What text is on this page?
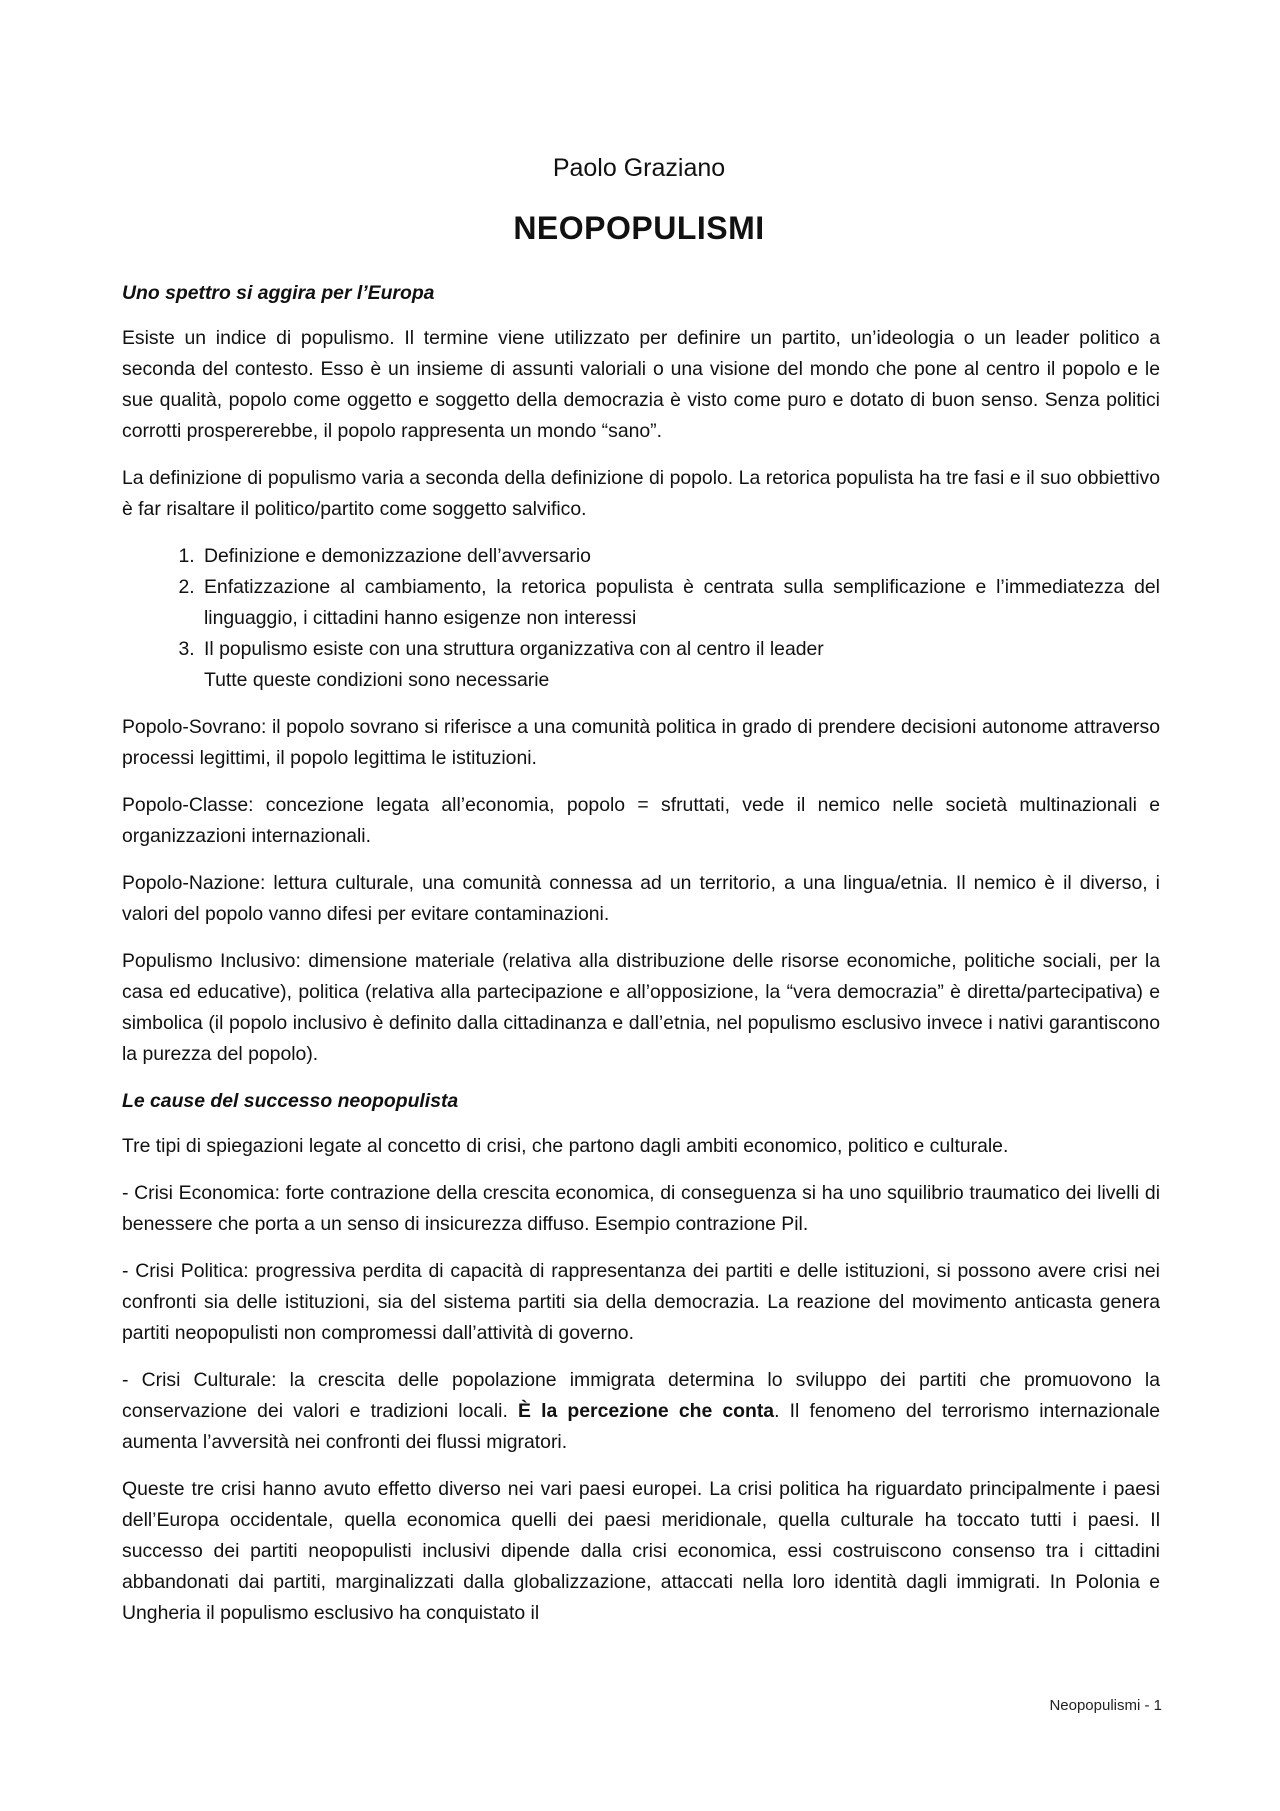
Paolo Graziano
NEOPOPULISMI
Uno spettro si aggira per l’Europa

Esiste un indice di populismo. Il termine viene utilizzato per definire un partito, un’ideologia o un leader politico a seconda del contesto. Esso è un insieme di assunti valoriali o una visione del mondo che pone al centro il popolo e le sue qualità, popolo come oggetto e soggetto della democrazia è visto come puro e dotato di buon senso. Senza politici corrotti prospererebbe, il popolo rappresenta un mondo “sano”.

La definizione di populismo varia a seconda della definizione di popolo. La retorica populista ha tre fasi e il suo obbiettivo è far risaltare il politico/partito come soggetto salvifico.

1. Definizione e demonizzazione dell’avversario
2. Enfatizzazione al cambiamento, la retorica populista è centrata sulla semplificazione e l’immediatezza del linguaggio, i cittadini hanno esigenze non interessi
3. Il populismo esiste con una struttura organizzativa con al centro il leader
Tutte queste condizioni sono necessarie

Popolo-Sovrano: il popolo sovrano si riferisce a una comunità politica in grado di prendere decisioni autonome attraverso processi legittimi, il popolo legittima le istituzioni.

Popolo-Classe: concezione legata all’economia, popolo = sfruttati, vede il nemico nelle società multinazionali e organizzazioni internazionali.

Popolo-Nazione: lettura culturale, una comunità connessa ad un territorio, a una lingua/etnia. Il nemico è il diverso, i valori del popolo vanno difesi per evitare contaminazioni.

Populismo Inclusivo: dimensione materiale (relativa alla distribuzione delle risorse economiche, politiche sociali, per la casa ed educative), politica (relativa alla partecipazione e all’opposizione, la “vera democrazia” è diretta/partecipativa) e simbolica (il popolo inclusivo è definito dalla cittadinanza e dall’etnia, nel populismo esclusivo invece i nativi garantiscono la purezza del popolo).

Le cause del successo neopopulista

Tre tipi di spiegazioni legate al concetto di crisi, che partono dagli ambiti economico, politico e culturale.

- Crisi Economica: forte contrazione della crescita economica, di conseguenza si ha uno squilibrio traumatico dei livelli di benessere che porta a un senso di insicurezza diffuso. Esempio contrazione Pil.

- Crisi Politica: progressiva perdita di capacità di rappresentanza dei partiti e delle istituzioni, si possono avere crisi nei confronti sia delle istituzioni, sia del sistema partiti sia della democrazia. La reazione del movimento anticasta genera partiti neopopulisti non compromessi dall’attività di governo.

- Crisi Culturale: la crescita delle popolazione immigrata determina lo sviluppo dei partiti che promuovono la conservazione dei valori e tradizioni locali. È la percezione che conta. Il fenomeno del terrorismo internazionale aumenta l’avversità nei confronti dei flussi migratori.

Queste tre crisi hanno avuto effetto diverso nei vari paesi europei. La crisi politica ha riguardato principalmente i paesi dell’Europa occidentale, quella economica quelli dei paesi meridionale, quella culturale ha toccato tutti i paesi. Il successo dei partiti neopopulisti inclusivi dipende dalla crisi economica, essi costruiscono consenso tra i cittadini abbandonati dai partiti, marginalizzati dalla globalizzazione, attaccati nella loro identità dagli immigrati. In Polonia e Ungheria il populismo esclusivo ha conquistato il

Neopopulismi - 1
